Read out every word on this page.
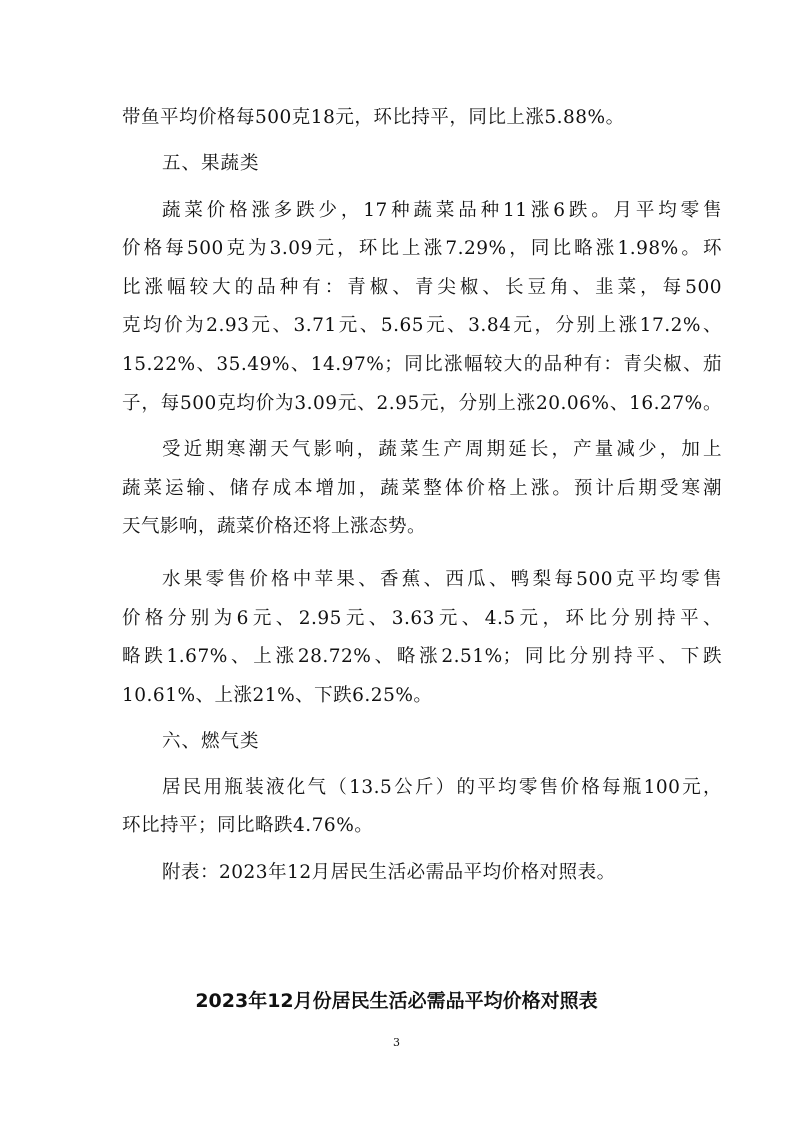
带鱼平均价格每500克18元，环比持平，同比上涨5.88%。
五、果蔬类
蔬菜价格涨多跌少，17种蔬菜品种11涨6跌。月平均零售
价格每500克为3.09元，环比上涨7.29%，同比略涨1.98%。环
比涨幅较大的品种有：青椒、青尖椒、长豆角、韭菜，每500
克均价为2.93元、3.71元、5.65元、3.84元，分别上涨17.2%、
15.22%、35.49%、14.97%；同比涨幅较大的品种有：青尖椒、茄
子，每500克均价为3.09元、2.95元，分别上涨20.06%、16.27%。
受近期寒潮天气影响，蔬菜生产周期延长，产量减少，加上
蔬菜运输、储存成本增加，蔬菜整体价格上涨。预计后期受寒潮
天气影响，蔬菜价格还将上涨态势。
水果零售价格中苹果、香蕉、西瓜、鸭梨每500克平均零售
价格分别为6元、2.95元、3.63元、4.5元，环比分别持平、
略跌1.67%、上涨28.72%、略涨2.51%；同比分别持平、下跌
10.61%、上涨21%、下跌6.25%。
六、燃气类
居民用瓶装液化气（13.5公斤）的平均零售价格每瓶100元，
环比持平；同比略跌4.76%。
附表：2023年12月居民生活必需品平均价格对照表。
2023年12月份居民生活必需品平均价格对照表
3
